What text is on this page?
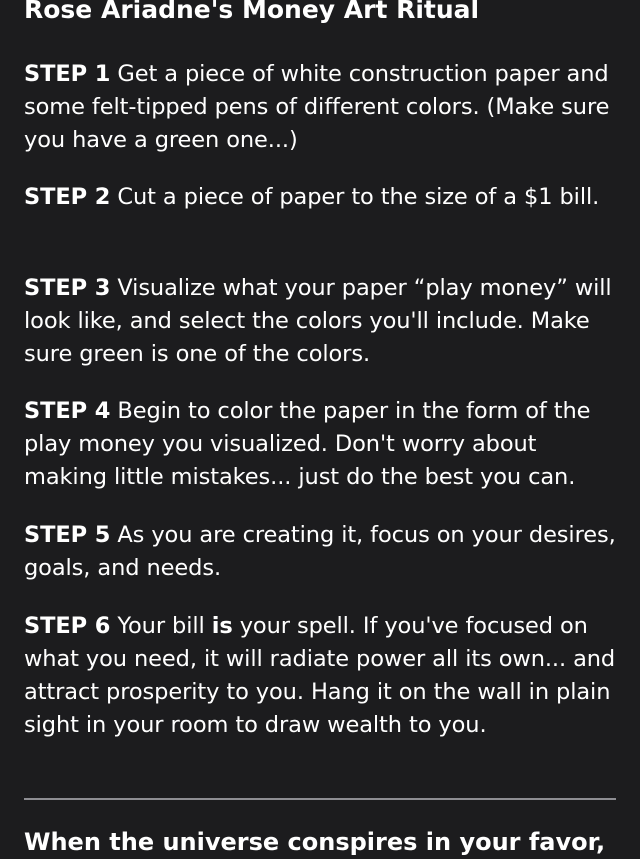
Rose Ariadne's Money Art Ritual

STEP 1 Get a piece of white construction paper and some felt-tipped pens of different colors. (Make sure you have a green one...)

STEP 2 Cut a piece of paper to the size of a $1 bill.

STEP 3 Visualize what your paper “play money” will look like, and select the colors you'll include. Make sure green is one of the colors.

STEP 4 Begin to color the paper in the form of the play money you visualized. Don't worry about making little mistakes... just do the best you can.

STEP 5 As you are creating it, focus on your desires, goals, and needs.

STEP 6 Your bill is your spell. If you've focused on what you need, it will radiate power all its own... and attract prosperity to you. Hang it on the wall in plain sight in your room to draw wealth to you.

When the universe conspires in your favor,
